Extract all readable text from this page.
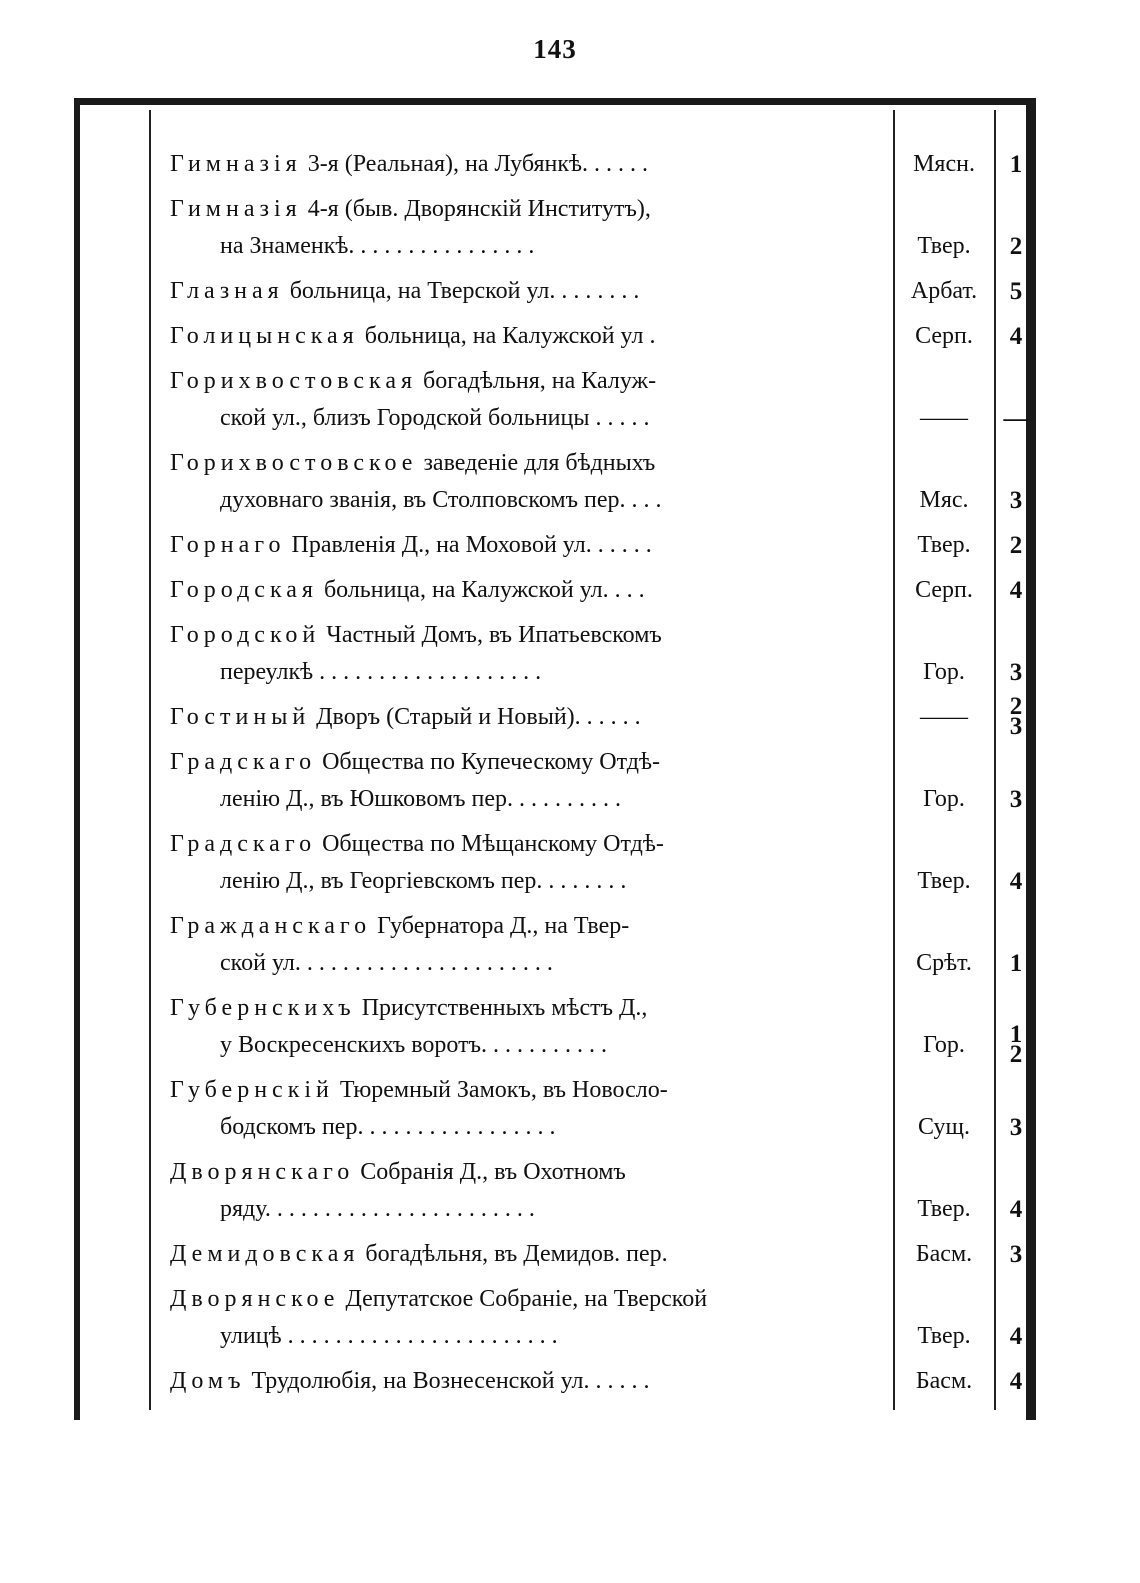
143
Гимназія 3-я (Реальная), на Лубянкѣ. . . . . .	Мясн.	1
Гимназія 4-я (быв. Дворянскій Институтъ),
на Знаменкѣ. . . . . . . . . . . . . . . .	Твер.	2
Глазная больница, на Тверской ул. . . . . . . .	Арбат.	5
Голицынская больница, на Калужской ул .	Серп.	4
Горихвостовская богадѣльня, на Калуж-
ской ул., близъ Городской больницы . . . . .	——	—
Горихвостовское заведеніе для бѣдныхъ
духовнаго званія, въ Столповскомъ пер. . . .	Мяс.	3
Горнаго Правленія Д., на Моховой ул. . . . . .	Твер.	2
Городская больница, на Калужской ул. . . .	Серп.	4
Городской Частный Домъ, въ Ипатьевскомъ
переулкѣ . . . . . . . . . . . . . . . . . . .	Гор.	3
Гостиный Дворъ (Старый и Новый). . . . . .	——	2
3
Градскаго Общества по Купеческому Отдѣ-
ленію Д., въ Юшковомъ пер. . . . . . . . . .	Гор.	3
Градскаго Общества по Мѣщанскому Отдѣ-
ленію Д., въ Георгіевскомъ пер. . . . . . . .	Твер.	4
Гражданскаго Губернатора Д., на Твер-
ской ул. . . . . . . . . . . . . . . . . . . . . .	Срѣт.	1
Губернскихъ Присутственныхъ мѣстъ Д.,
у Воскресенскихъ воротъ. . . . . . . . . . .	Гор.	1
2
Губернскій Тюремный Замокъ, въ Новосло-
бодскомъ пер. . . . . . . . . . . . . . . . .	Сущ.	3
Дворянскаго Собранія Д., въ Охотномъ
ряду. . . . . . . . . . . . . . . . . . . . . . .	Твер.	4
Демидовская богадѣльня, въ Демидов. пер.	Басм.	3
Дворянское Депутатское Собраніе, на Тверской
улицѣ . . . . . . . . . . . . . . . . . . . . . . .	Твер.	4
Домъ Трудолюбія, на Вознесенской ул. . . . . .	Басм.	4
